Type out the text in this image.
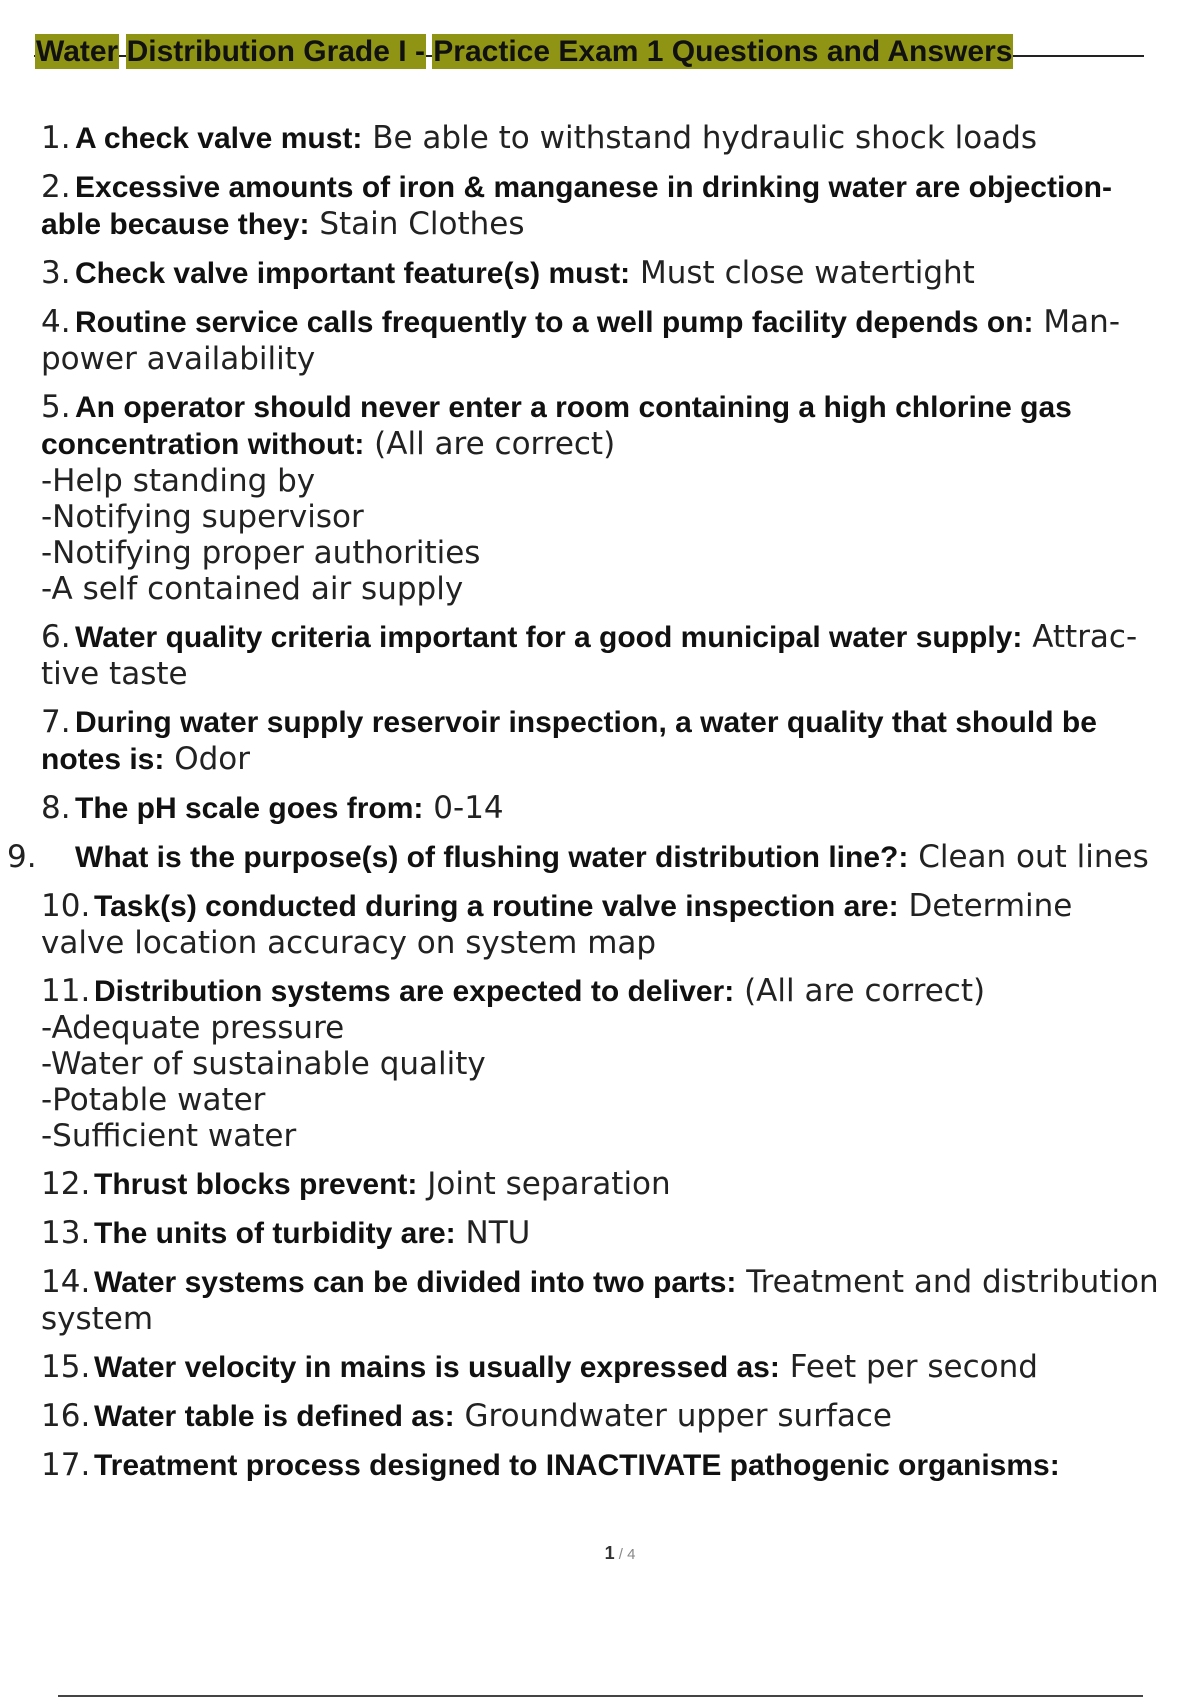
Water Distribution Grade I - Practice Exam 1 Questions and Answers
1. A check valve must: Be able to withstand hydraulic shock loads
2. Excessive amounts of iron & manganese in drinking water are objection- able because they: Stain Clothes
3. Check valve important feature(s) must: Must close watertight
4. Routine service calls frequently to a well pump facility depends on: Man- power availability
5. An operator should never enter a room containing a high chlorine gas concentration without: (All are correct)
-Help standing by
-Notifying supervisor
-Notifying proper authorities
-A self contained air supply
6. Water quality criteria important for a good municipal water supply: Attrac- tive taste
7. During water supply reservoir inspection, a water quality that should be notes is: Odor
8. The pH scale goes from: 0-14
9. What is the purpose(s) of flushing water distribution line?: Clean out lines
10. Task(s) conducted during a routine valve inspection are: Determine valve location accuracy on system map
11. Distribution systems are expected to deliver: (All are correct)
-Adequate pressure
-Water of sustainable quality
-Potable water
-Sufficient water
12. Thrust blocks prevent: Joint separation
13. The units of turbidity are: NTU
14. Water systems can be divided into two parts: Treatment and distribution system
15. Water velocity in mains is usually expressed as: Feet per second
16. Water table is defined as: Groundwater upper surface
17. Treatment process designed to INACTIVATE pathogenic organisms:
1 / 4
